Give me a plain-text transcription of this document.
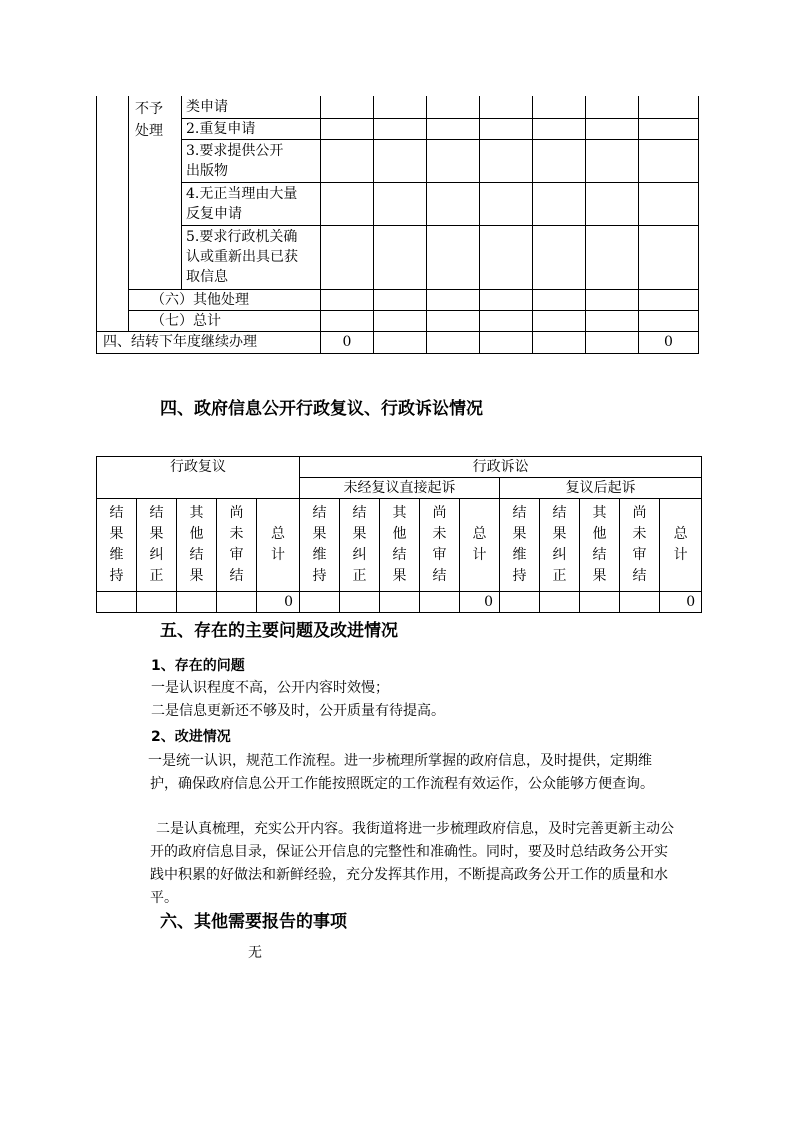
	不予处理	类申请							
		2.重复申请							
		3.要求提供公开出版物							
		4.无正当理由大量反复申请							
		5.要求行政机关确认或重新出具已获取信息							
	（六）其他处理								
	（七）总计								
四、结转下年度继续办理			0						0
四、政府信息公开行政复议、行政诉讼情况
行政复议					行政诉讼									
					未经复议直接起诉					复议后起诉				

结果维持	结果纠正	其他结果	尚未审结	总计	结果维持	结果纠正	其他结果	尚未审结	总计	结果维持	结果纠正	其他结果	尚未审结	总计

				0					0					0
五、存在的主要问题及改进情况
1、存在的问题
一是认识程度不高，公开内容时效慢；
二是信息更新还不够及时，公开质量有待提高。
2、改进情况
一是统一认识，规范工作流程。进一步梳理所掌握的政府信息，及时提供，定期维护，确保政府信息公开工作能按照既定的工作流程有效运作，公众能够方便查询。
二是认真梳理，充实公开内容。我街道将进一步梳理政府信息，及时完善更新主动公开的政府信息目录，保证公开信息的完整性和准确性。同时，要及时总结政务公开实践中积累的好做法和新鲜经验，充分发挥其作用，不断提高政务公开工作的质量和水平。
六、其他需要报告的事项
无
